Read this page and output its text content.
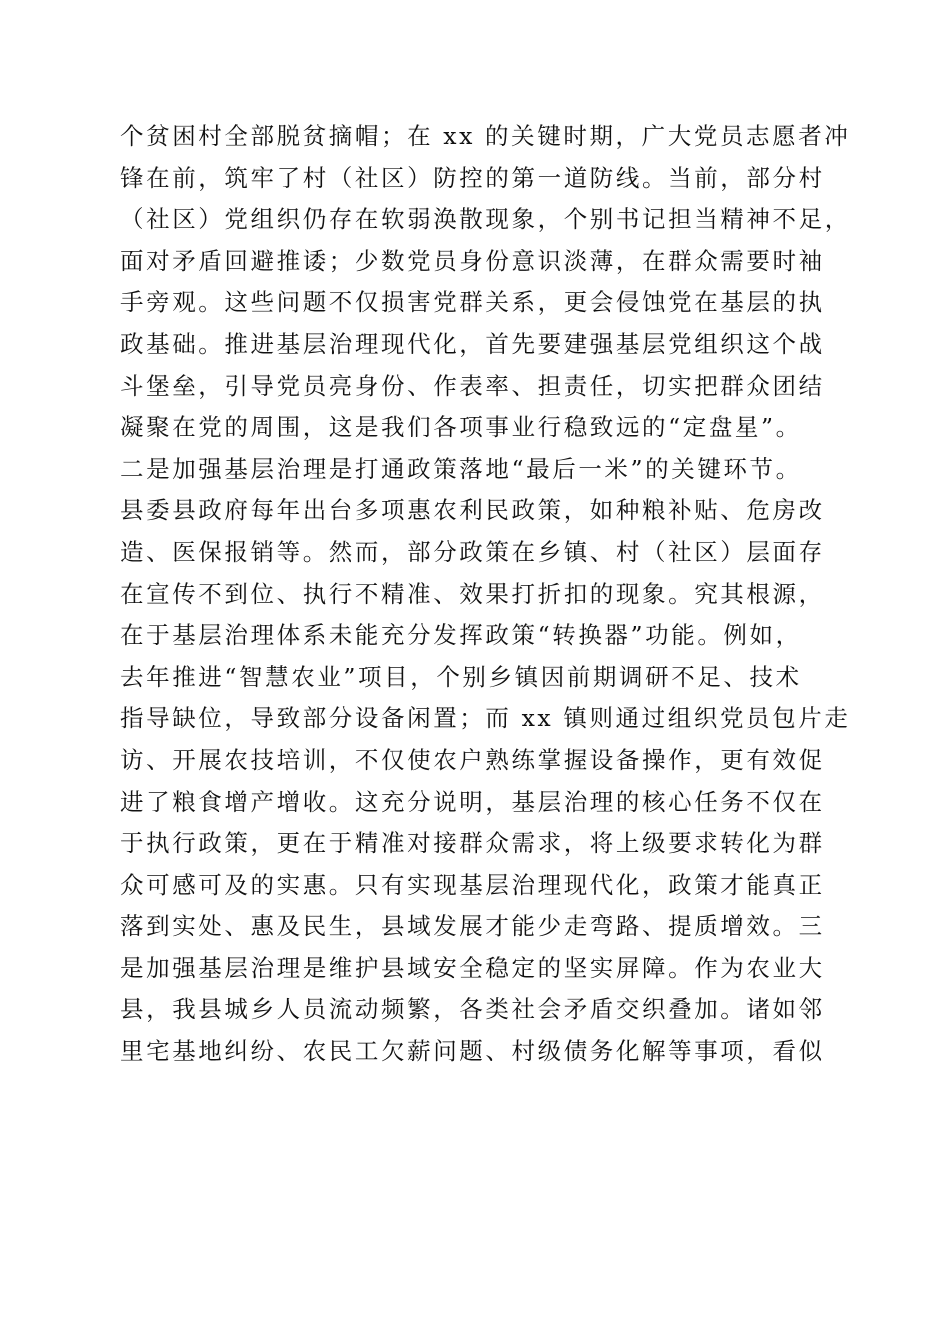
个贫困村全部脱贫摘帽；在 xx 的关键时期，广大党员志愿者冲
锋在前，筑牢了村（社区）防控的第一道防线。当前，部分村
（社区）党组织仍存在软弱涣散现象，个别书记担当精神不足，
面对矛盾回避推诿；少数党员身份意识淡薄，在群众需要时袖
手旁观。这些问题不仅损害党群关系，更会侵蚀党在基层的执
政基础。推进基层治理现代化，首先要建强基层党组织这个战
斗堡垒，引导党员亮身份、作表率、担责任，切实把群众团结
凝聚在党的周围，这是我们各项事业行稳致远的“定盘星”。
二是加强基层治理是打通政策落地“最后一米”的关键环节。
县委县政府每年出台多项惠农利民政策，如种粮补贴、危房改
造、医保报销等。然而，部分政策在乡镇、村（社区）层面存
在宣传不到位、执行不精准、效果打折扣的现象。究其根源，
在于基层治理体系未能充分发挥政策“转换器”功能。例如，
去年推进“智慧农业”项目，个别乡镇因前期调研不足、技术
指导缺位，导致部分设备闲置；而 xx 镇则通过组织党员包片走
访、开展农技培训，不仅使农户熟练掌握设备操作，更有效促
进了粮食增产增收。这充分说明，基层治理的核心任务不仅在
于执行政策，更在于精准对接群众需求，将上级要求转化为群
众可感可及的实惠。只有实现基层治理现代化，政策才能真正
落到实处、惠及民生，县域发展才能少走弯路、提质增效。三
是加强基层治理是维护县域安全稳定的坚实屏障。作为农业大
县，我县城乡人员流动频繁，各类社会矛盾交织叠加。诸如邻
里宅基地纠纷、农民工欠薪问题、村级债务化解等事项，看似
